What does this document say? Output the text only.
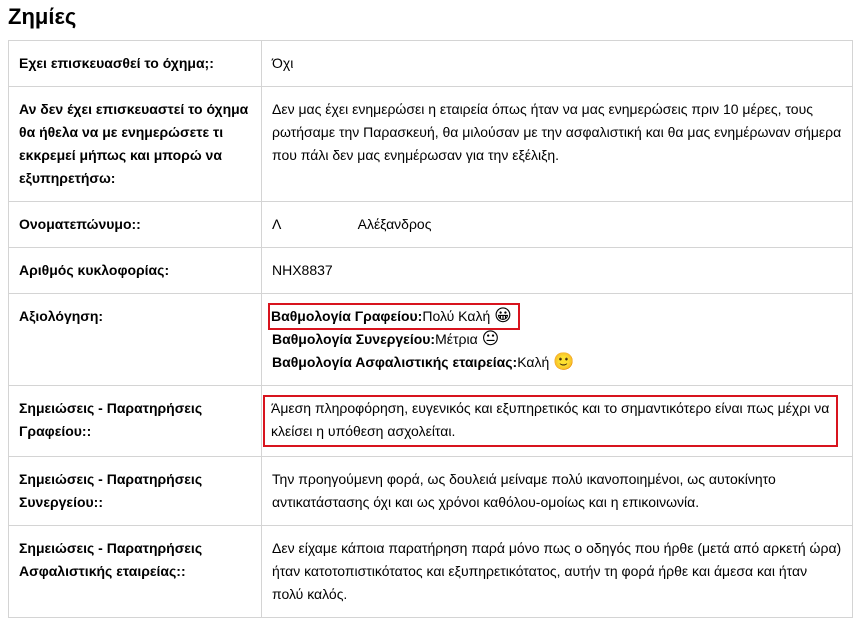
Ζημίες
Εχει επισκευασθεί το όχημα;:	Όχι
Αν δεν έχει επισκευαστεί το όχημα θα ήθελα να με ενημερώσετε τι εκκρεμεί μήπως και μπορώ να εξυπηρετήσω:	Δεν μας έχει ενημερώσει η εταιρεία όπως ήταν να μας ενημερώσεις πριν 10 μέρες, τους ρωτήσαμε την Παρασκευή, θα μιλούσαν με την ασφαλιστική και θα μας ενημέρωναν σήμερα που πάλι δεν μας ενημέρωσαν για την εξέλιξη.
Ονοματεπώνυμο::	Λ                    Αλέξανδρος
Αριθμός κυκλοφορίας:	ΝΗΧ8837
Αξιολόγηση:	Βαθμολογία Γραφείου:Πολύ Καλή 😀
Βαθμολογία Συνεργείου:Μέτρια 😐
Βαθμολογία Ασφαλιστικής εταιρείας:Καλή 🙂

Σημειώσεις - Παρατηρήσεις Γραφείου::	Άμεση πληροφόρηση, ευγενικός και εξυπηρετικός και το σημαντικότερο είναι πως μέχρι να κλείσει η υπόθεση ασχολείται.

Σημειώσεις - Παρατηρήσεις Συνεργείου::	Την προηγούμενη φορά, ως δουλειά μείναμε πολύ ικανοποιημένοι, ως αυτοκίνητο αντικατάστασης όχι και ως χρόνοι καθόλου-ομοίως και η επικοινωνία.
Σημειώσεις - Παρατηρήσεις Ασφαλιστικής εταιρείας::	Δεν είχαμε κάποια παρατήρηση παρά μόνο πως ο οδηγός που ήρθε (μετά από αρκετή ώρα) ήταν κατοτοπιστικότατος και εξυπηρετικότατος, αυτήν τη φορά ήρθε και άμεσα και ήταν πολύ καλός.
